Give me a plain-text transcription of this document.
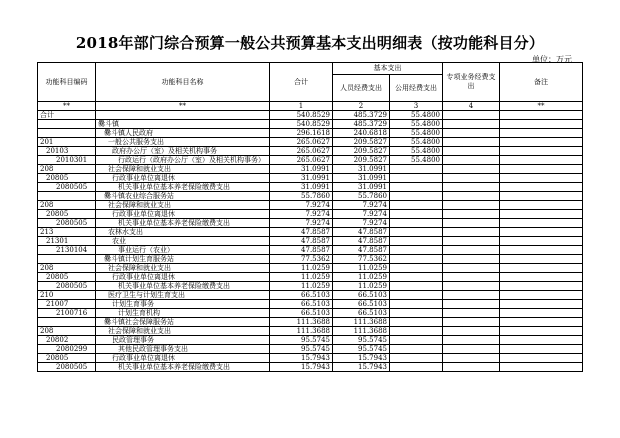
2018年部门综合预算一般公共预算基本支出明细表（按功能科目分）
单位：万元
功能科目编码	功能科目名称	合计	基本支出		专项业务经费支出	备注
			人员经费支出	公用经费支出		
**	**	1	2	3	4	**
合计		540.8529	485.3729	55.4800		
	爨斗镇	540.8529	485.3729	55.4800		
	爨斗镇人民政府	296.1618	240.6818	55.4800		
201	一般公共服务支出	265.0627	209.5827	55.4800		
20103	政府办公厅（室）及相关机构事务	265.0627	209.5827	55.4800		
2010301	行政运行（政府办公厅（室）及相关机构事务）	265.0627	209.5827	55.4800		
208	社会保障和就业支出	31.0991	31.0991			
20805	行政事业单位离退休	31.0991	31.0991			
2080505	机关事业单位基本养老保险缴费支出	31.0991	31.0991			
	爨斗镇农业综合服务站	55.7860	55.7860			
208	社会保障和就业支出	7.9274	7.9274			
20805	行政事业单位离退休	7.9274	7.9274			
2080505	机关事业单位基本养老保险缴费支出	7.9274	7.9274			
213	农林水支出	47.8587	47.8587			
21301	农业	47.8587	47.8587			
2130104	事业运行（农业）	47.8587	47.8587			
	爨斗镇计划生育服务站	77.5362	77.5362			
208	社会保障和就业支出	11.0259	11.0259			
20805	行政事业单位离退休	11.0259	11.0259			
2080505	机关事业单位基本养老保险缴费支出	11.0259	11.0259			
210	医疗卫生与计划生育支出	66.5103	66.5103			
21007	计划生育事务	66.5103	66.5103			
2100716	计划生育机构	66.5103	66.5103			
	爨斗镇社会保障服务站	111.3688	111.3688			
208	社会保障和就业支出	111.3688	111.3688			
20802	民政管理事务	95.5745	95.5745			
2080299	其他民政管理事务支出	95.5745	95.5745			
20805	行政事业单位离退休	15.7943	15.7943			
2080505	机关事业单位基本养老保险缴费支出	15.7943	15.7943			
